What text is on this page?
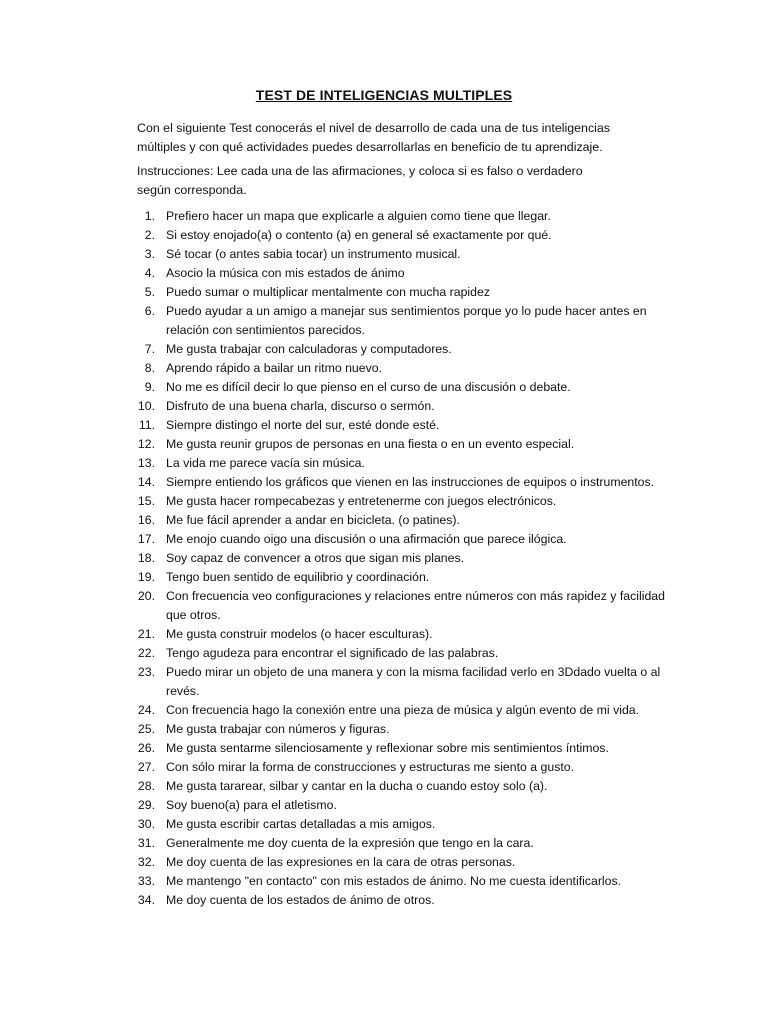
TEST DE INTELIGENCIAS MULTIPLES
Con el siguiente Test conocerás el nivel de desarrollo de cada una de tus inteligencias múltiples y con qué actividades puedes desarrollarlas en beneficio de tu aprendizaje.
Instrucciones: Lee cada una de las afirmaciones, y coloca si es falso o verdadero según corresponda.
1. Prefiero hacer un mapa que explicarle a alguien como tiene que llegar.
2. Si estoy enojado(a) o contento (a) en general sé exactamente por qué.
3. Sé tocar (o antes sabia tocar) un instrumento musical.
4. Asocio la música con mis estados de ánimo
5. Puedo sumar o multiplicar mentalmente con mucha rapidez
6. Puedo ayudar a un amigo a manejar sus sentimientos porque yo lo pude hacer antes en relación con sentimientos parecidos.
7. Me gusta trabajar con calculadoras y computadores.
8. Aprendo rápido a bailar un ritmo nuevo.
9. No me es difícil decir lo que pienso en el curso de una discusión o debate.
10. Disfruto de una buena charla, discurso o sermón.
11. Siempre distingo el norte del sur, esté donde esté.
12. Me gusta reunir grupos de personas en una fiesta o en un evento especial.
13. La vida me parece vacía sin música.
14. Siempre entiendo los gráficos que vienen en las instrucciones de equipos o instrumentos.
15. Me gusta hacer rompecabezas y entretenerme con juegos electrónicos.
16. Me fue fácil aprender a andar en bicicleta. (o patines).
17. Me enojo cuando oigo una discusión o una afirmación que parece ilógica.
18. Soy capaz de convencer a otros que sigan mis planes.
19. Tengo buen sentido de equilibrio y coordinación.
20. Con frecuencia veo configuraciones y relaciones entre números con más rapidez y facilidad que otros.
21. Me gusta construir modelos (o hacer esculturas).
22. Tengo agudeza para encontrar el significado de las palabras.
23. Puedo mirar un objeto de una manera y con la misma facilidad verlo en 3Ddado vuelta o al revés.
24. Con frecuencia hago la conexión entre una pieza de música y algún evento de mi vida.
25. Me gusta trabajar con números y figuras.
26. Me gusta sentarme silenciosamente y reflexionar sobre mis sentimientos íntimos.
27. Con sólo mirar la forma de construcciones y estructuras me siento a gusto.
28. Me gusta tararear, silbar y cantar en la ducha o cuando estoy solo (a).
29. Soy bueno(a) para el atletismo.
30. Me gusta escribir cartas detalladas a mis amigos.
31. Generalmente me doy cuenta de la expresión que tengo en la cara.
32. Me doy cuenta de las expresiones en la cara de otras personas.
33. Me mantengo "en contacto" con mis estados de ánimo. No me cuesta identificarlos.
34. Me doy cuenta de los estados de ánimo de otros.
